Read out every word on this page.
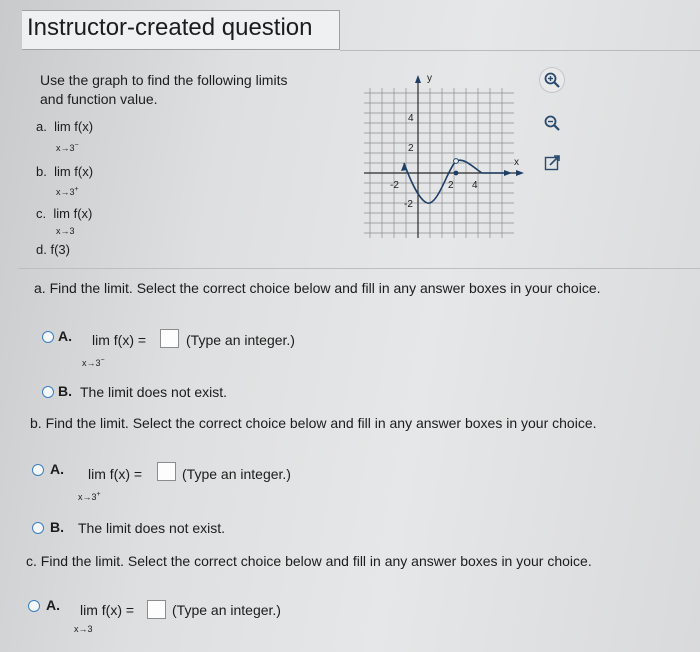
Instructor-created question
Use the graph to find the following limits
and function value.
a. lim f(x)
x→3−
b. lim f(x)
x→3+
c. lim f(x)
x→3
d. f(3)
y
x
4
2
-2
-2	2 4
a. Find the limit. Select the correct choice below and fill in any answer boxes in your choice.
A. lim f(x) =	(Type an integer.)
x→3−
B. The limit does not exist.
b. Find the limit. Select the correct choice below and fill in any answer boxes in your choice.
A. lim f(x) =	(Type an integer.)
x→3+
B. The limit does not exist.
c. Find the limit. Select the correct choice below and fill in any answer boxes in your choice.
A. lim f(x) =	(Type an integer.)
x→3
